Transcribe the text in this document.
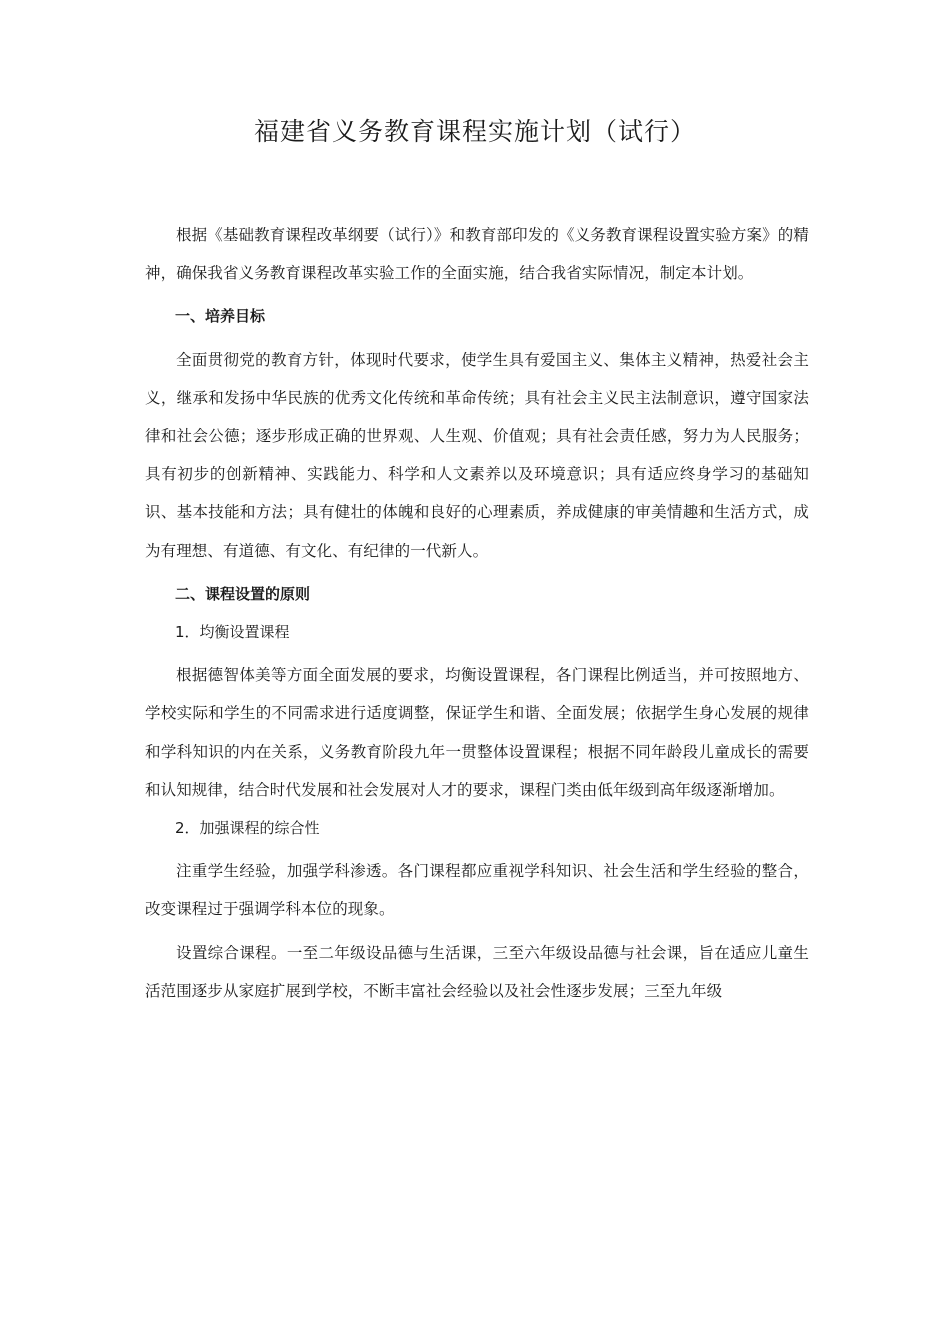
福建省义务教育课程实施计划（试行）

根据《基础教育课程改革纲要（试行）》和教育部印发的《义务教育课程设置实验方案》的精神，确保我省义务教育课程改革实验工作的全面实施，结合我省实际情况，制定本计划。

一、培养目标

全面贯彻党的教育方针，体现时代要求，使学生具有爱国主义、集体主义精神，热爱社会主义，继承和发扬中华民族的优秀文化传统和革命传统；具有社会主义民主法制意识，遵守国家法律和社会公德；逐步形成正确的世界观、人生观、价值观；具有社会责任感，努力为人民服务；具有初步的创新精神、实践能力、科学和人文素养以及环境意识；具有适应终身学习的基础知识、基本技能和方法；具有健壮的体魄和良好的心理素质，养成健康的审美情趣和生活方式，成为有理想、有道德、有文化、有纪律的一代新人。

二、课程设置的原则

1．均衡设置课程

根据德智体美等方面全面发展的要求，均衡设置课程，各门课程比例适当，并可按照地方、学校实际和学生的不同需求进行适度调整，保证学生和谐、全面发展；依据学生身心发展的规律和学科知识的内在关系，义务教育阶段九年一贯整体设置课程；根据不同年龄段儿童成长的需要和认知规律，结合时代发展和社会发展对人才的要求，课程门类由低年级到高年级逐渐增加。

2．加强课程的综合性

注重学生经验，加强学科渗透。各门课程都应重视学科知识、社会生活和学生经验的整合，改变课程过于强调学科本位的现象。

设置综合课程。一至二年级设品德与生活课，三至六年级设品德与社会课，旨在适应儿童生活范围逐步从家庭扩展到学校，不断丰富社会经验以及社会性逐步发展；三至九年级
